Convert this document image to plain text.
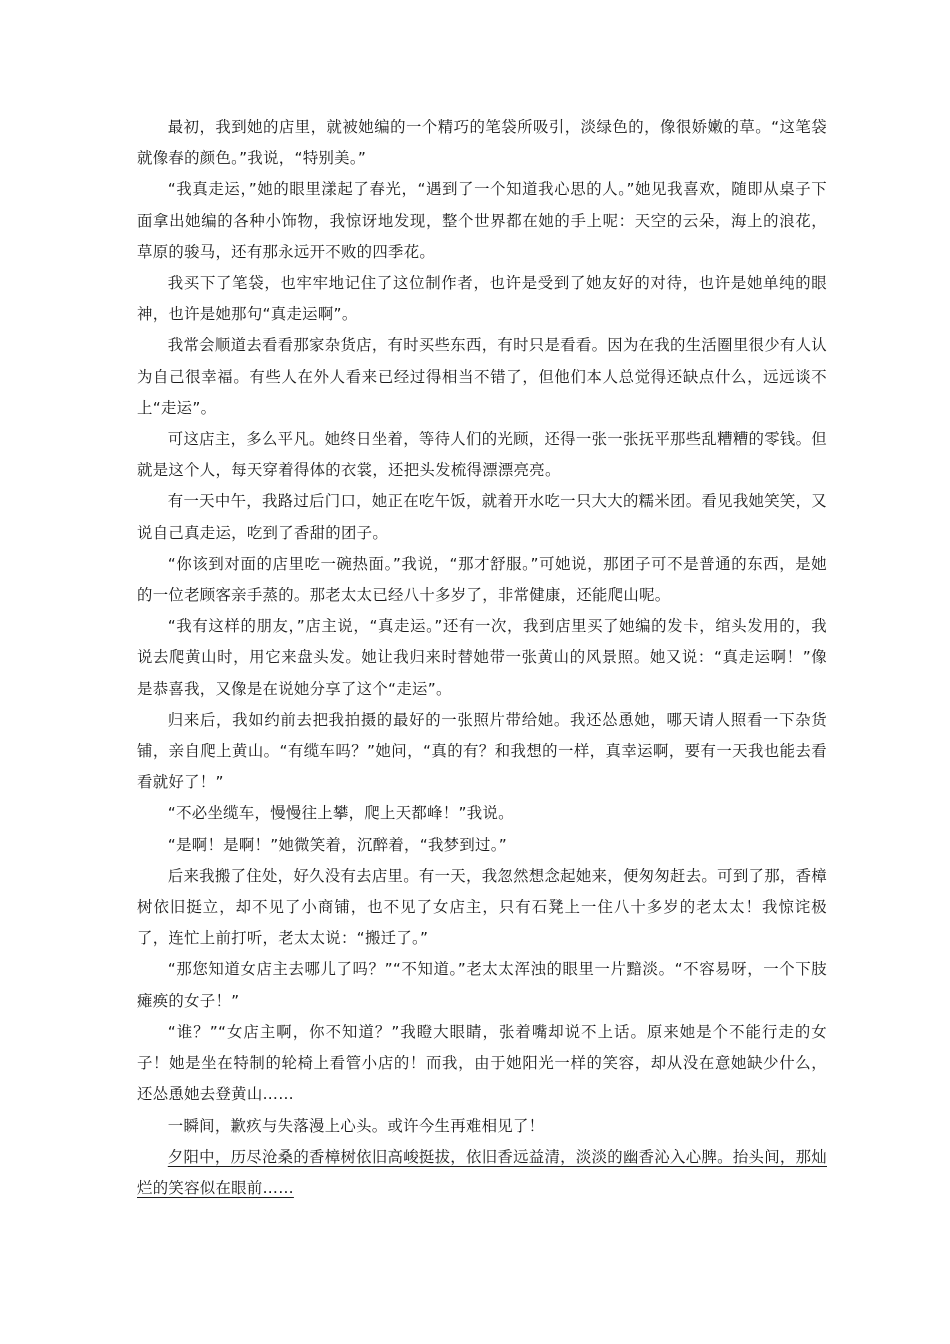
最初，我到她的店里，就被她编的一个精巧的笔袋所吸引，淡绿色的，像很娇嫩的草。“这笔袋就像春的颜色。”我说，“特别美。”

“我真走运，”她的眼里漾起了春光，“遇到了一个知道我心思的人。”她见我喜欢，随即从桌子下面拿出她编的各种小饰物，我惊讶地发现，整个世界都在她的手上呢：天空的云朵，海上的浪花，草原的骏马，还有那永远开不败的四季花。

我买下了笔袋，也牢牢地记住了这位制作者，也许是受到了她友好的对待，也许是她单纯的眼神，也许是她那句“真走运啊”。

我常会顺道去看看那家杂货店，有时买些东西，有时只是看看。因为在我的生活圈里很少有人认为自己很幸福。有些人在外人看来已经过得相当不错了，但他们本人总觉得还缺点什么，远远谈不上“走运”。

可这店主，多么平凡。她终日坐着，等待人们的光顾，还得一张一张抚平那些乱糟糟的零钱。但就是这个人，每天穿着得体的衣裳，还把头发梳得漂漂亮亮。

有一天中午，我路过后门口，她正在吃午饭，就着开水吃一只大大的糯米团。看见我她笑笑，又说自己真走运，吃到了香甜的团子。

“你该到对面的店里吃一碗热面。”我说，“那才舒服。”可她说，那团子可不是普通的东西，是她的一位老顾客亲手蒸的。那老太太已经八十多岁了，非常健康，还能爬山呢。

“我有这样的朋友，”店主说，“真走运。”还有一次，我到店里买了她编的发卡，绾头发用的，我说去爬黄山时，用它来盘头发。她让我归来时替她带一张黄山的风景照。她又说：“真走运啊！”像是恭喜我，又像是在说她分享了这个“走运”。

归来后，我如约前去把我拍摄的最好的一张照片带给她。我还怂恿她，哪天请人照看一下杂货铺，亲自爬上黄山。“有缆车吗？”她问，“真的有？和我想的一样，真幸运啊，要有一天我也能去看看就好了！”

“不必坐缆车，慢慢往上攀，爬上天都峰！”我说。

“是啊！是啊！”她微笑着，沉醉着，“我梦到过。”

后来我搬了住处，好久没有去店里。有一天，我忽然想念起她来，便匆匆赶去。可到了那，香樟树依旧挺立，却不见了小商铺，也不见了女店主，只有石凳上一住八十多岁的老太太！我惊诧极了，连忙上前打听，老太太说：“搬迁了。”

“那您知道女店主去哪儿了吗？”“不知道。”老太太浑浊的眼里一片黯淡。“不容易呀，一个下肢瘫痪的女子！”

“谁？”“女店主啊，你不知道？”我瞪大眼睛，张着嘴却说不上话。原来她是个不能行走的女子！她是坐在特制的轮椅上看管小店的！而我，由于她阳光一样的笑容，却从没在意她缺少什么，还怂恿她去登黄山……

一瞬间，歉疚与失落漫上心头。或许今生再难相见了！

夕阳中，历尽沧桑的香樟树依旧高峻挺拔，依旧香远益清，淡淡的幽香沁入心脾。抬头间，那灿烂的笑容似在眼前……
